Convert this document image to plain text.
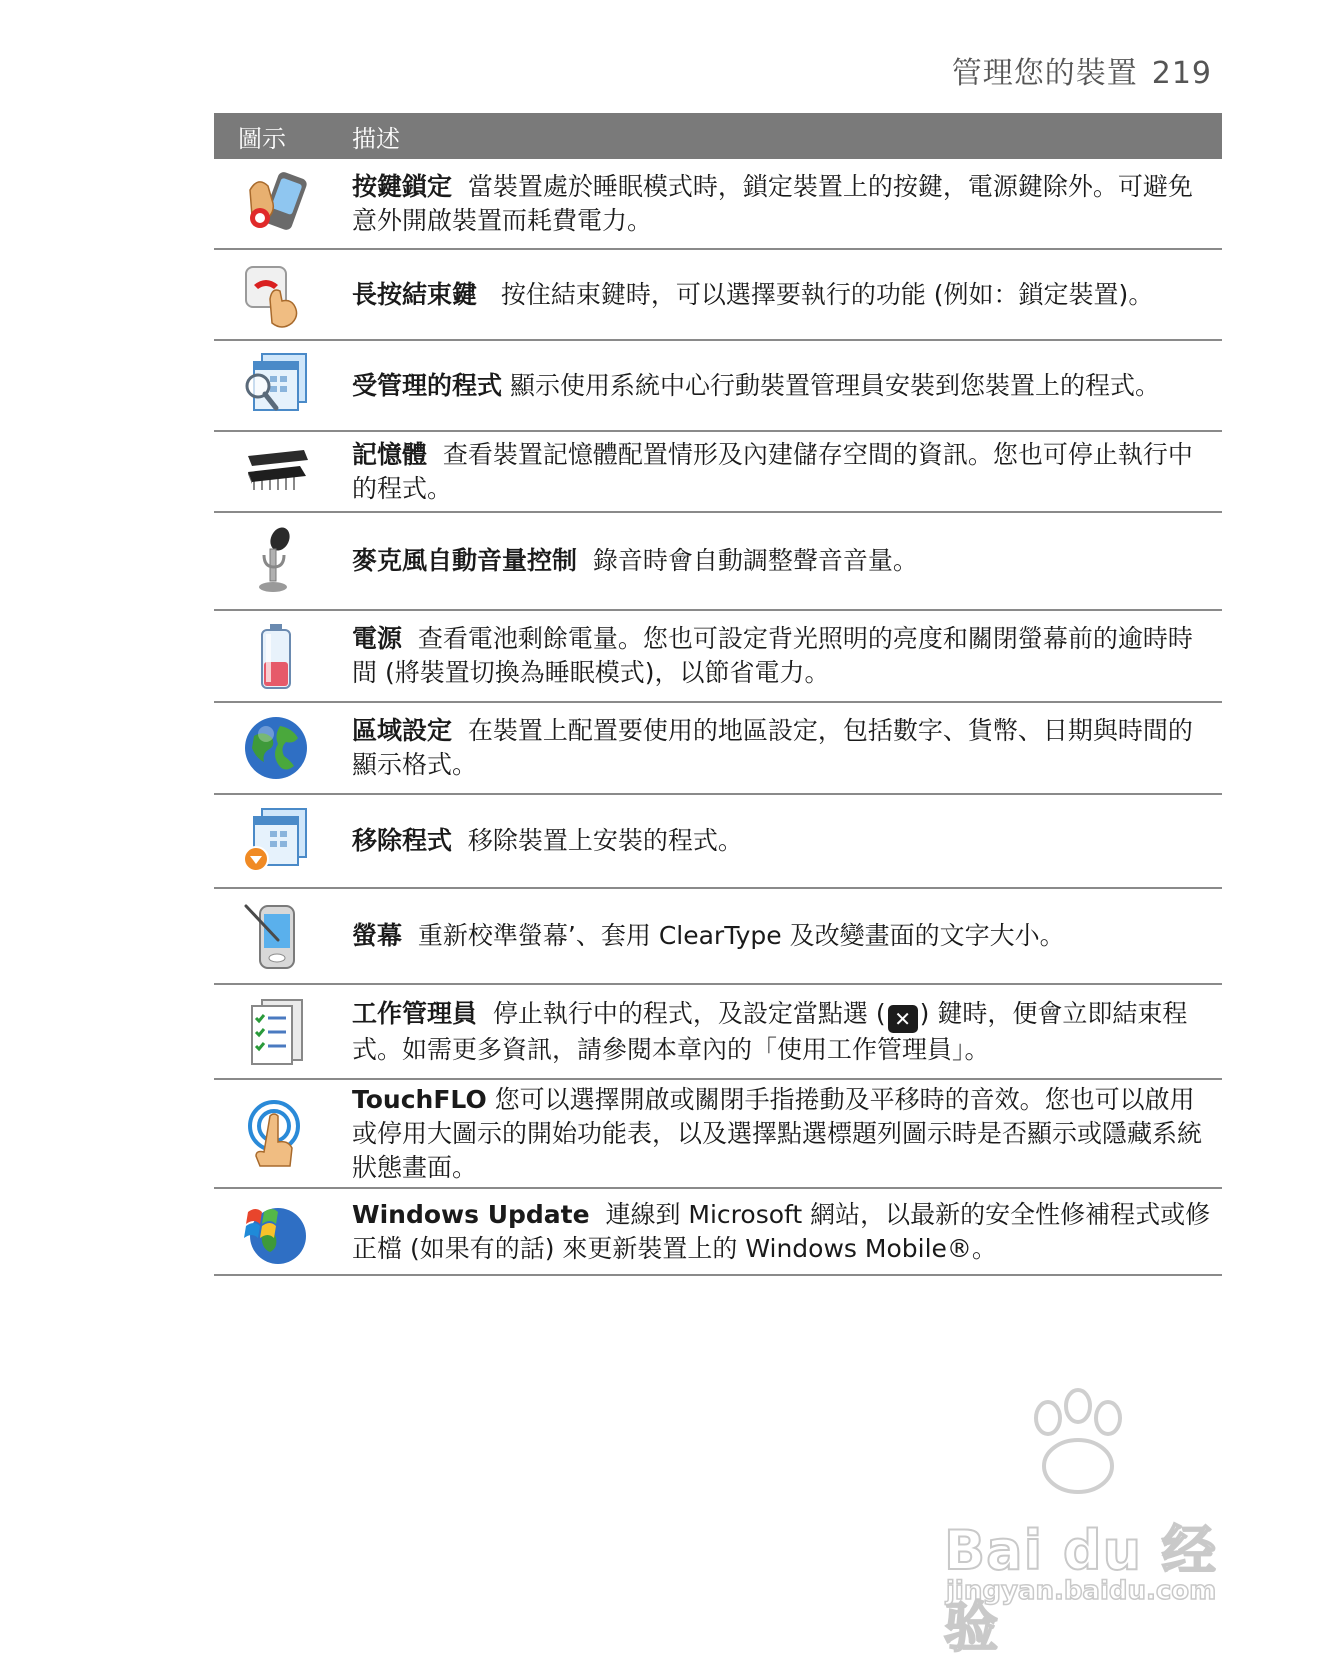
管理您的裝置 219
圖示	描述
按鍵鎖定 當裝置處於睡眠模式時，鎖定裝置上的按鍵，電源鍵除外。可避免意外開啟裝置而耗費電力。
長按結束鍵 按住結束鍵時，可以選擇要執行的功能 (例如：鎖定裝置)。
受管理的程式 顯示使用系統中心行動裝置管理員安裝到您裝置上的程式。
記憶體 查看裝置記憶體配置情形及內建儲存空間的資訊。您也可停止執行中的程式。
麥克風自動音量控制 錄音時會自動調整聲音音量。
電源 查看電池剩餘電量。您也可設定背光照明的亮度和關閉螢幕前的逾時時間 (將裝置切換為睡眠模式)，以節省電力。
區域設定 在裝置上配置要使用的地區設定，包括數字、貨幣、日期與時間的顯示格式。
移除程式 移除裝置上安裝的程式。
螢幕 重新校準螢幕’、套用 ClearType 及改變畫面的文字大小。
工作管理員 停止執行中的程式，及設定當點選 ( ✕ ) 鍵時，便會立即結束程式。如需更多資訊，請參閱本章內的「使用工作管理員」。
TouchFLO 您可以選擇開啟或關閉手指捲動及平移時的音效。您也可以啟用或停用大圖示的開始功能表，以及選擇點選標題列圖示時是否顯示或隱藏系統狀態畫面。
Windows Update 連線到 Microsoft 網站，以最新的安全性修補程式或修正檔 (如果有的話) 來更新裝置上的 Windows Mobile®。
Bai du 经验
jingyan.baidu.com
